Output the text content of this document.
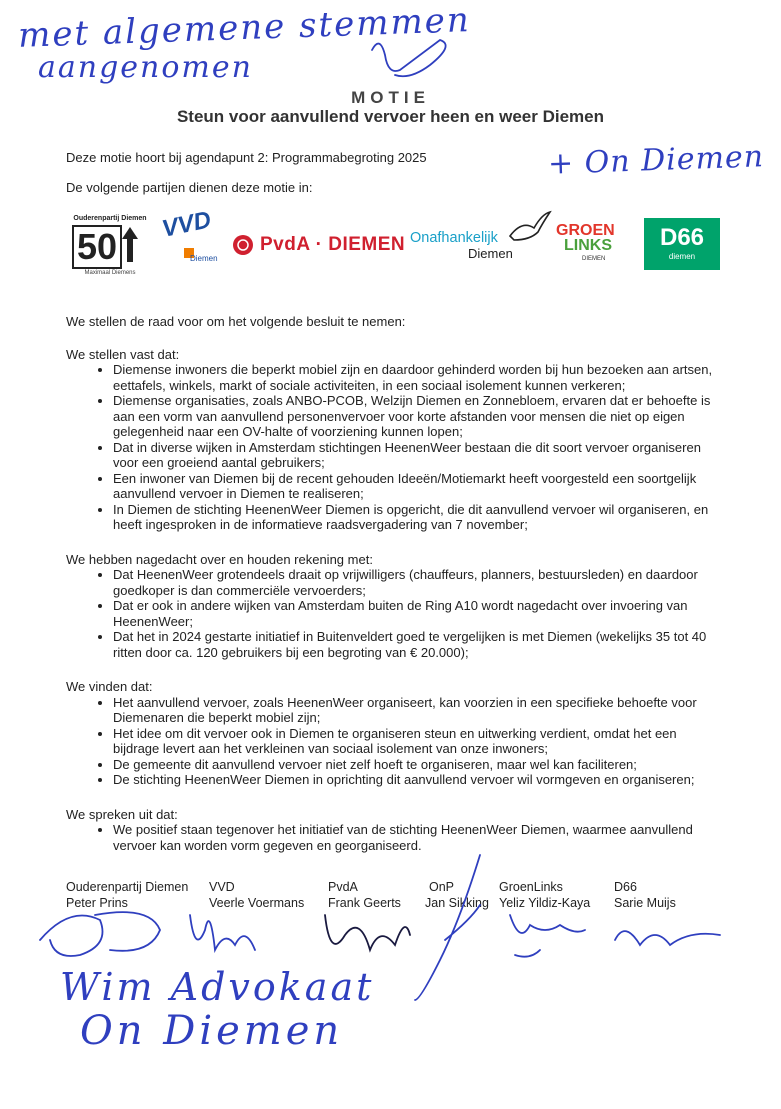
met algemene stemmen
aangenomen
+ On Diemen
MOTIE
Steun voor aanvullend vervoer heen en weer Diemen
Deze motie hoort bij agendapunt 2: Programmabegroting 2025
De volgende partijen dienen deze motie in:
Ouderenpartij Diemen
50
Maximaal Diemens
VVD
Diemen
PvdA · DIEMEN Onafhankelijk
Diemen
GROEN
LINKS
DIEMEN
D66
diemen

We stellen de raad voor om het volgende besluit te nemen:

We stellen vast dat:

• Diemense inwoners die beperkt mobiel zijn en daardoor gehinderd worden bij hun bezoeken aan artsen, eettafels, winkels, markt of sociale activiteiten, in een sociaal isolement kunnen verkeren;
• Diemense organisaties, zoals ANBO-PCOB, Welzijn Diemen en Zonnebloem, ervaren dat er behoefte is aan een vorm van aanvullend personenvervoer voor korte afstanden voor mensen die niet op eigen gelegenheid naar een OV-halte of voorziening kunnen lopen;
• Dat in diverse wijken in Amsterdam stichtingen HeenenWeer bestaan die dit soort vervoer organiseren voor een groeiend aantal gebruikers;
• Een inwoner van Diemen bij de recent gehouden Ideeën/Motiemarkt heeft voorgesteld een soortgelijk aanvullend vervoer in Diemen te realiseren;
• In Diemen de stichting HeenenWeer Diemen is opgericht, die dit aanvullend vervoer wil organiseren, en heeft ingesproken in de informatieve raadsvergadering van 7 november;

We hebben nagedacht over en houden rekening met:

• Dat HeenenWeer grotendeels draait op vrijwilligers (chauffeurs, planners, bestuursleden) en daardoor goedkoper is dan commerciële vervoerders;
• Dat er ook in andere wijken van Amsterdam buiten de Ring A10 wordt nagedacht over invoering van HeenenWeer;
• Dat het in 2024 gestarte initiatief in Buitenveldert goed te vergelijken is met Diemen (wekelijks 35 tot 40 ritten door ca. 120 gebruikers bij een begroting van € 20.000);

We vinden dat:

• Het aanvullend vervoer, zoals HeenenWeer organiseert, kan voorzien in een specifieke behoefte voor Diemenaren die beperkt mobiel zijn;
• Het idee om dit vervoer ook in Diemen te organiseren steun en uitwerking verdient, omdat het een bijdrage levert aan het verkleinen van sociaal isolement van onze inwoners;
• De gemeente dit aanvullend vervoer niet zelf hoeft te organiseren, maar wel kan faciliteren;
• De stichting HeenenWeer Diemen in oprichting dit aanvullend vervoer wil vormgeven en organiseren;

We spreken uit dat:

• We positief staan tegenover het initiatief van de stichting HeenenWeer Diemen, waarmee aanvullend vervoer kan worden vorm gegeven en georganiseerd.
Ouderenpartij Diemen
Peter Prins
VVD
Veerle Voermans
PvdA
Frank Geerts
OnP
Jan Sikking
GroenLinks
Yeliz Yildiz-Kaya
D66
Sarie Muijs
Wim Advokaat
On Diemen
